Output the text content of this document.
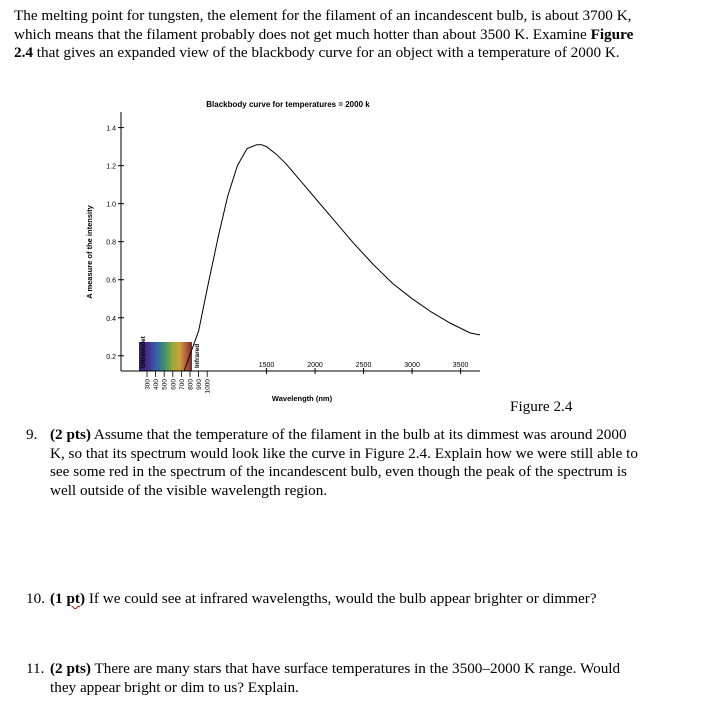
The melting point for tungsten, the element for the filament of an incandescent bulb, is about 3700 K, which means that the filament probably does not get much hotter than about 3500 K. Examine Figure 2.4 that gives an expanded view of the blackbody curve for an object with a temperature of 2000 K.
1.4
1.2
1.0
0.8
0.6
0.4
0.2
1500	2000	2500	3000	3500
300 400 500 600 700 800 900 1000
Ultraviolet	Infrared
Blackbody curve for temperatures = 2000 k
Wavelength (nm)
A measure of the intensity
Figure 2.4
9. (2 pts) Assume that the temperature of the filament in the bulb at its dimmest was around 2000 K, so that its spectrum would look like the curve in Figure 2.4. Explain how we were still able to see some red in the spectrum of the incandescent bulb, even though the peak of the spectrum is well outside of the visible wavelength region.
10. (1 pt) If we could see at infrared wavelengths, would the bulb appear brighter or dimmer?
11. (2 pts) There are many stars that have surface temperatures in the 3500–2000 K range. Would they appear bright or dim to us? Explain.
